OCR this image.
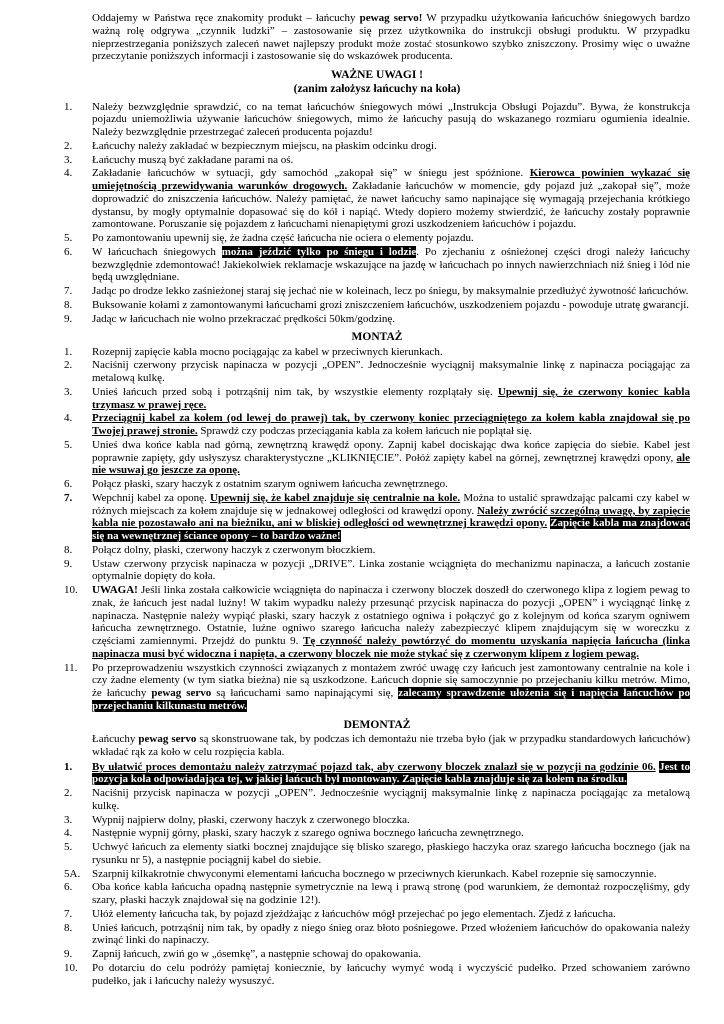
Oddajemy w Państwa ręce znakomity produkt – łańcuchy pewag servo! W przypadku użytkowania łańcuchów śniegowych bardzo ważną rolę odgrywa „czynnik ludzki” – zastosowanie się przez użytkownika do instrukcji obsługi produktu. W przypadku nieprzestrzegania poniższych zaleceń nawet najlepszy produkt może zostać stosunkowo szybko zniszczony. Prosimy więc o uważne przeczytanie poniższych informacji i zastosowanie się do wskazówek producenta.

WAŻNE UWAGI !
(zanim założysz łańcuchy na koła)
1.	Należy bezwzględnie sprawdzić, co na temat łańcuchów śniegowych mówi „Instrukcja Obsługi Pojazdu”. Bywa, że konstrukcja pojazdu uniemożliwia używanie łańcuchów śniegowych, mimo że łańcuchy pasują do wskazanego rozmiaru ogumienia idealnie. Należy bezwzględnie przestrzegać zaleceń producenta pojazdu!
2.	Łańcuchy należy zakładać w bezpiecznym miejscu, na płaskim odcinku drogi.
3.	Łańcuchy muszą być zakładane parami na oś.
4.	Zakładanie łańcuchów w sytuacji, gdy samochód „zakopał się” w śniegu jest spóźnione. Kierowca powinien wykazać się umiejętnością przewidywania warunków drogowych. Zakładanie łańcuchów w momencie, gdy pojazd już „zakopał się”, może doprowadzić do zniszczenia łańcuchów. Należy pamiętać, że nawet łańcuchy samo napinające się wymagają przejechania krótkiego dystansu, by mogły optymalnie dopasować się do kół i napiąć. Wtedy dopiero możemy stwierdzić, że łańcuchy zostały poprawnie zamontowane. Poruszanie się pojazdem z łańcuchami nienapiętymi grozi uszkodzeniem łańcuchów i pojazdu.
5.	Po zamontowaniu upewnij się, że żadna część łańcucha nie ociera o elementy pojazdu.
6.	W łańcuchach śniegowych można jeździć tylko po śniegu i lodzie. Po zjechaniu z ośnieżonej części drogi należy łańcuchy bezwzględnie zdemontować! Jakiekolwiek reklamacje wskazujące na jazdę w łańcuchach po innych nawierzchniach niż śnieg i lód nie będą uwzględniane.
7.	Jadąc po drodze lekko zaśnieżonej staraj się jechać nie w koleinach, lecz po śniegu, by maksymalnie przedłużyć żywotność łańcuchów.
8.	Buksowanie kołami z zamontowanymi łańcuchami grozi zniszczeniem łańcuchów, uszkodzeniem pojazdu - powoduje utratę gwarancji.
9.	Jadąc w łańcuchach nie wolno przekraczać prędkości 50km/godzinę.
MONTAŻ
1.	Rozepnij zapięcie kabla mocno pociągając za kabel w przeciwnych kierunkach.
2.	Naciśnij czerwony przycisk napinacza w pozycji „OPEN”. Jednocześnie wyciągnij maksymalnie linkę z napinacza pociągając za metalową kulkę.
3.	Unieś łańcuch przed sobą i potrząśnij nim tak, by wszystkie elementy rozplątały się. Upewnij się, że czerwony koniec kabla trzymasz w prawej ręce.
4.	Przeciągnij kabel za kołem (od lewej do prawej) tak, by czerwony koniec przeciągniętego za kołem kabla znajdował się po Twojej prawej stronie. Sprawdź czy podczas przeciągania kabla za kołem łańcuch nie poplątał się.
5.	Unieś dwa końce kabla nad górną, zewnętrzną krawędź opony. Zapnij kabel dociskając dwa końce zapięcia do siebie. Kabel jest poprawnie zapięty, gdy usłyszysz charakterystyczne „KLIKNIĘCIE”. Połóż zapięty kabel na górnej, zewnętrznej krawędzi opony, ale nie wsuwaj go jeszcze za oponę.
6.	Połącz płaski, szary haczyk z ostatnim szarym ogniwem łańcucha zewnętrznego.
7.	Wepchnij kabel za oponę. Upewnij się, że kabel znajduje się centralnie na kole. Można to ustalić sprawdzając palcami czy kabel w różnych miejscach za kołem znajduje się w jednakowej odległości od krawędzi opony. Należy zwrócić szczególną uwagę, by zapięcie kabla nie pozostawało ani na bieżniku, ani w bliskiej odległości od wewnętrznej krawędzi opony. Zapięcie kabla ma znajdować się na wewnętrznej ściance opony – to bardzo ważne!
8.	Połącz dolny, płaski, czerwony haczyk z czerwonym błoczkiem.
9.	Ustaw czerwony przycisk napinacza w pozycji „DRIVE”. Linka zostanie wciągnięta do mechanizmu napinacza, a łańcuch zostanie optymalnie dopięty do koła.
10.	UWAGA! Jeśli linka została całkowicie wciągnięta do napinacza i czerwony bloczek doszedł do czerwonego klipa z logiem pewag to znak, że łańcuch jest nadal luźny! W takim wypadku należy przesunąć przycisk napinacza do pozycji „OPEN” i wyciągnąć linkę z napinacza. Następnie należy wypiąć płaski, szary haczyk z ostatniego ogniwa i połączyć go z kolejnym od końca szarym ogniwem łańcucha zewnętrznego. Ostatnie, luźne ogniwo szarego łańcucha należy zabezpieczyć klipem znajdującym się w woreczku z częściami zamiennymi. Przejdź do punktu 9. Tę czynność należy powtórzyć do momentu uzyskania napięcia łańcucha (linka napinacza musi być widoczna i napięta, a czerwony bloczek nie może stykać się z czerwonym klipem z logiem pewag.
11.	Po przeprowadzeniu wszystkich czynności związanych z montażem zwróć uwagę czy łańcuch jest zamontowany centralnie na kole i czy żadne elementy (w tym siatka bieżna) nie są uszkodzone. Łańcuch dopnie się samoczynnie po przejechaniu kilku metrów. Mimo, że łańcuchy pewag servo są łańcuchami samo napinającymi się, zalecamy sprawdzenie ułożenia się i napięcia łańcuchów po przejechaniu kilkunastu metrów.
DEMONTAŻ

Łańcuchy pewag servo są skonstruowane tak, by podczas ich demontażu nie trzeba było (jak w przypadku standardowych łańcuchów) wkładać rąk za koło w celu rozpięcia kabla.

1.	By ułatwić proces demontażu należy zatrzymać pojazd tak, aby czerwony bloczek znalazł się w pozycji na godzinie 06. Jest to pozycja koła odpowiadająca tej, w jakiej łańcuch był montowany. Zapięcie kabla znajduje się za kołem na środku.
2.	Naciśnij przycisk napinacza w pozycji „OPEN”. Jednocześnie wyciągnij maksymalnie linkę z napinacza pociągając za metalową kulkę.
3.	Wypnij najpierw dolny, płaski, czerwony haczyk z czerwonego bloczka.
4.	Następnie wypnij górny, płaski, szary haczyk z szarego ogniwa bocznego łańcucha zewnętrznego.
5.	Uchwyć łańcuch za elementy siatki bocznej znajdujące się blisko szarego, płaskiego haczyka oraz szarego łańcucha bocznego (jak na rysunku nr 5), a następnie pociągnij kabel do siebie.
5A.	Szarpnij kilkakrotnie chwyconymi elementami łańcucha bocznego w przeciwnych kierunkach. Kabel rozepnie się samoczynnie.
6.	Oba końce kabla łańcucha opadną następnie symetrycznie na lewą i prawą stronę (pod warunkiem, że demontaż rozpoczęliśmy, gdy szary, płaski haczyk znajdował się na godzinie 12!).
7.	Ułóż elementy łańcucha tak, by pojazd zjeżdżając z łańcuchów mógł przejechać po jego elementach. Zjedź z łańcucha.
8.	Unieś łańcuch, potrząśnij nim tak, by opadły z niego śnieg oraz błoto pośniegowe. Przed włożeniem łańcuchów do opakowania należy zwinąć linki do napinaczy.
9.	Zapnij łańcuch, zwiń go w „ósemkę”, a następnie schowaj do opakowania.
10.	Po dotarciu do celu podróży pamiętaj koniecznie, by łańcuchy wymyć wodą i wyczyścić pudełko. Przed schowaniem zarówno pudełko, jak i łańcuchy należy wysuszyć.
